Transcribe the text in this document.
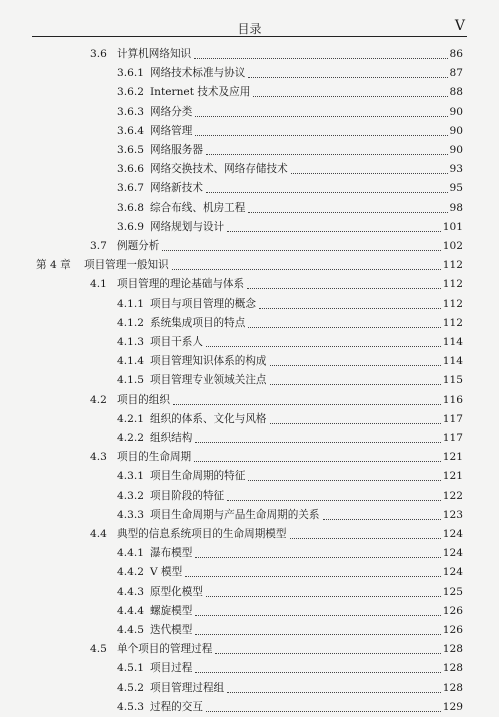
目录	V
3.6 计算机网络知识	86
3.6.1 网络技术标准与协议	87
3.6.2 Internet 技术及应用	88
3.6.3 网络分类	90
3.6.4 网络管理	90
3.6.5 网络服务器	90
3.6.6 网络交换技术、网络存储技术	93
3.6.7 网络新技术	95
3.6.8 综合布线、机房工程	98
3.6.9 网络规划与设计	101
3.7 例题分析	102
第 4 章 项目管理一般知识	112
4.1 项目管理的理论基础与体系	112
4.1.1 项目与项目管理的概念	112
4.1.2 系统集成项目的特点	112
4.1.3 项目干系人	114
4.1.4 项目管理知识体系的构成	114
4.1.5 项目管理专业领域关注点	115
4.2 项目的组织	116
4.2.1 组织的体系、文化与风格	117
4.2.2 组织结构	117
4.3 项目的生命周期	121
4.3.1 项目生命周期的特征	121
4.3.2 项目阶段的特征	122
4.3.3 项目生命周期与产品生命周期的关系	123
4.4 典型的信息系统项目的生命周期模型	124
4.4.1 瀑布模型	124
4.4.2 V 模型	124
4.4.3 原型化模型	125
4.4.4 螺旋模型	126
4.4.5 迭代模型	126
4.5 单个项目的管理过程	128
4.5.1 项目过程	128
4.5.2 项目管理过程组	128
4.5.3 过程的交互	129
